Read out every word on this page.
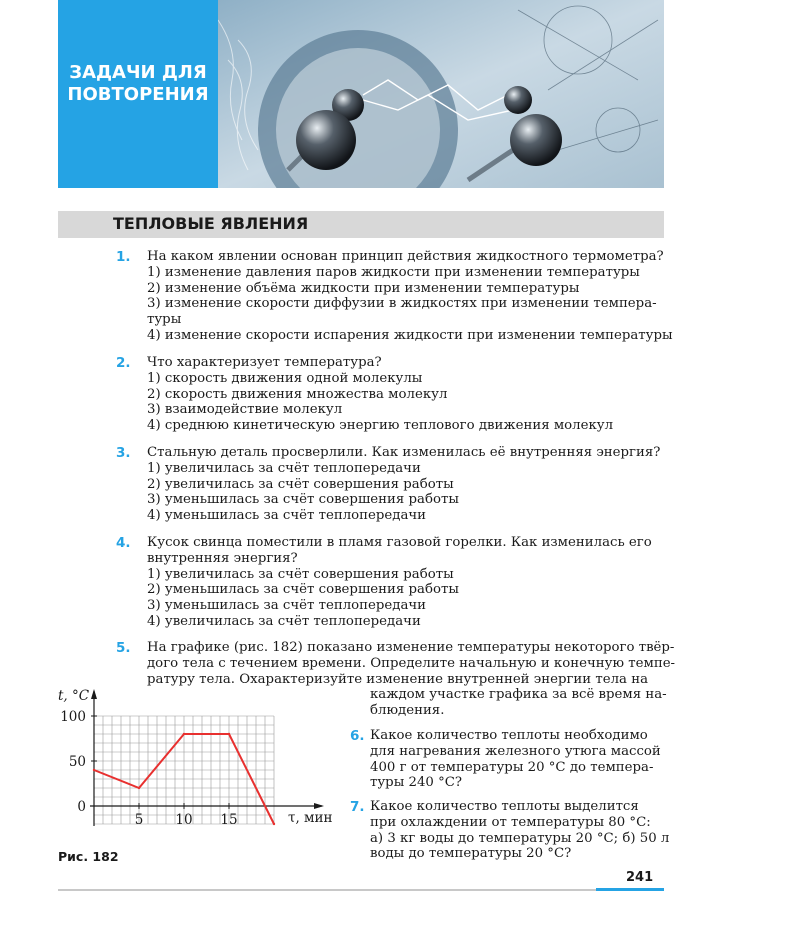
ЗАДАЧИ ДЛЯ
ПОВТОРЕНИЯ
ТЕПЛОВЫЕ ЯВЛЕНИЯ
1.	На каком явлении основан принцип действия жидкостного термометра?
1) изменение давления паров жидкости при изменении температуры
2) изменение объёма жидкости при изменении температуры
3) изменение скорости диффузии в жидкостях при изменении темпера-
туры
4) изменение скорости испарения жидкости при изменении температуры
2.	Что характеризует температура?
1) скорость движения одной молекулы
2) скорость движения множества молекул
3) взаимодействие молекул
4) среднюю кинетическую энергию теплового движения молекул
3.	Стальную деталь просверлили. Как изменилась её внутренняя энергия?
1) увеличилась за счёт теплопередачи
2) увеличилась за счёт совершения работы
3) уменьшилась за счёт совершения работы
4) уменьшилась за счёт теплопередачи
4.	Кусок свинца поместили в пламя газовой горелки. Как изменилась его
внутренняя энергия?
1) увеличилась за счёт совершения работы
2) уменьшилась за счёт совершения работы
3) уменьшилась за счёт теплопередачи
4) увеличилась за счёт теплопередачи
5.	На графике (рис. 182) показано изменение температуры некоторого твёр-
дого тела с течением времени. Определите начальную и конечную темпе-
ратуру тела. Охарактеризуйте изменение внутренней энергии тела на
каждом участке графика за всё время на-
блюдения.
6. Какое количество теплоты необходимо
для нагревания железного утюга массой
400 г от температуры 20 °С до темпера-
туры 240 °С?
7. Какое количество теплоты выделится
при охлаждении от температуры 80 °С:
а) 3 кг воды до температуры 20 °С; б) 50 л
воды до температуры 20 °С?
0
50
100
5 10 15
t, °С
τ, мин
Рис. 182
241
